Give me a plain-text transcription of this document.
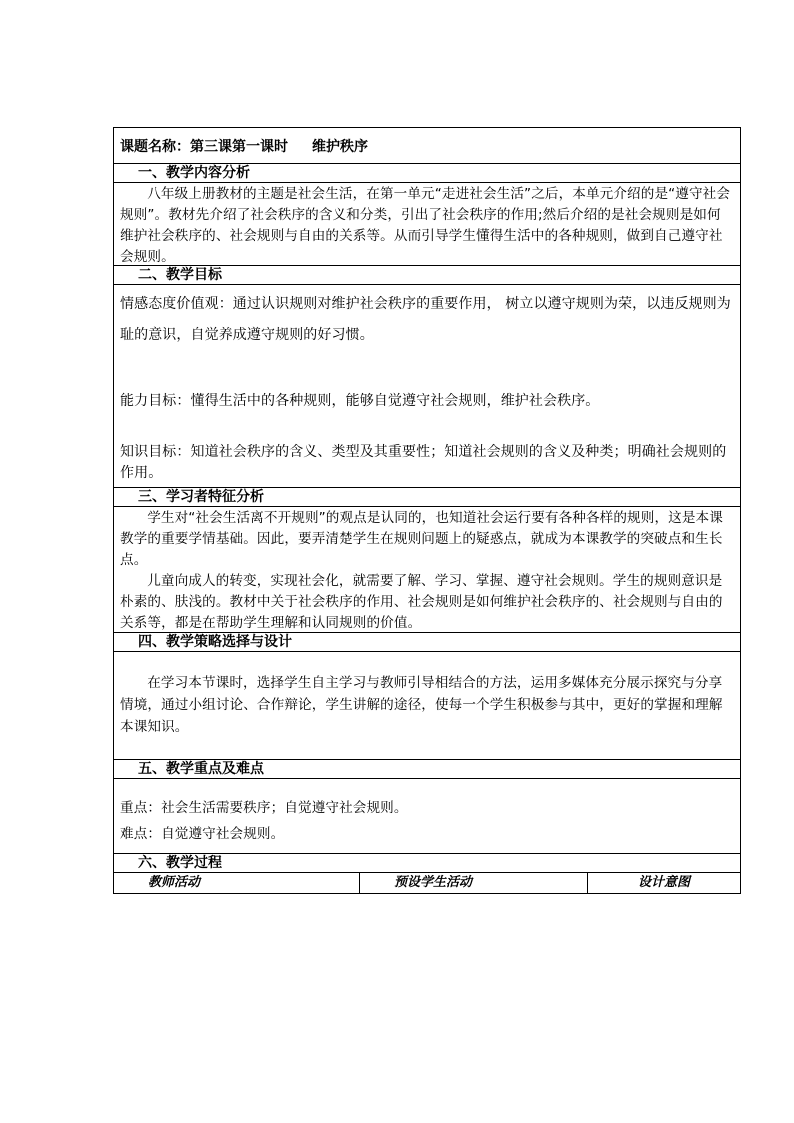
课题名称：第三课第一课时 维护秩序
一、教学内容分析

八年级上册教材的主题是社会生活，在第一单元“走进社会生活”之后，本单元介绍的是“遵守社会规则”。教材先介绍了社会秩序的含义和分类，引出了社会秩序的作用;然后介绍的是社会规则是如何维护社会秩序的、社会规则与自由的关系等。从而引导学生懂得生活中的各种规则，做到自己遵守社会规则。

二、教学目标

情感态度价值观：通过认识规则对维护社会秩序的重要作用， 树立以遵守规则为荣，以违反规则为耻的意识，自觉养成遵守规则的好习惯。

能力目标：懂得生活中的各种规则，能够自觉遵守社会规则，维护社会秩序。

知识目标：知道社会秩序的含义、类型及其重要性；知道社会规则的含义及种类；明确社会规则的作用。

三、学习者特征分析

学生对“社会生活离不开规则”的观点是认同的，也知道社会运行要有各种各样的规则，这是本课教学的重要学情基础。因此，要弄清楚学生在规则问题上的疑惑点，就成为本课教学的突破点和生长点。

儿童向成人的转变，实现社会化，就需要了解、学习、掌握、遵守社会规则。学生的规则意识是朴素的、肤浅的。教材中关于社会秩序的作用、社会规则是如何维护社会秩序的、社会规则与自由的关系等，都是在帮助学生理解和认同规则的价值。

四、教学策略选择与设计

在学习本节课时，选择学生自主学习与教师引导相结合的方法，运用多媒体充分展示探究与分享情境，通过小组讨论、合作辩论，学生讲解的途径，使每一个学生积极参与其中，更好的掌握和理解本课知识。

五、教学重点及难点

重点：社会生活需要秩序；自觉遵守社会规则。

难点：自觉遵守社会规则。

六、教学过程
教师活动	预设学生活动	设计意图
